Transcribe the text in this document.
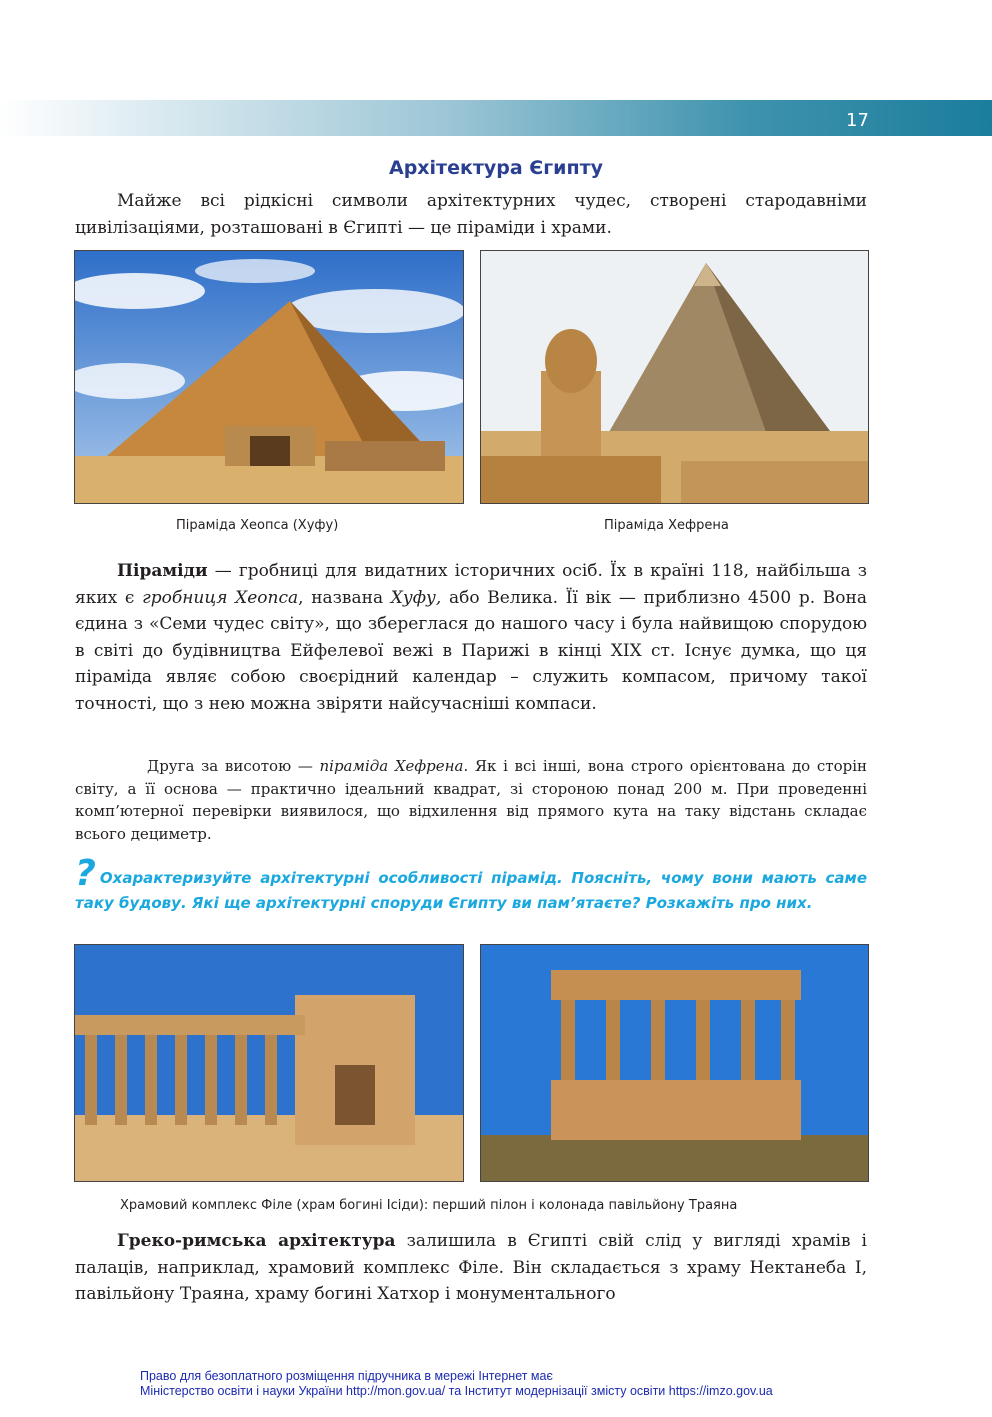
17
Архітектура Єгипту

Майже всі рідкісні символи архітектурних чудес, створені стародавніми цивілізаціями, розташовані в Єгипті — це піраміди і храми.

Піраміда Хеопса (Хуфу)	Піраміда Хефрена

Піраміди — гробниці для видатних історичних осіб. Їх в країні 118, найбільша з яких є гробниця Хеопса, названа Хуфу, або Велика. Її вік — приблизно 4500 р. Вона єдина з «Семи чудес світу», що збереглася до нашого часу і була найвищою спорудою в світі до будівництва Ейфелевої вежі в Парижі в кінці XIX ст. Існує думка, що ця піраміда являє собою своєрідний календар – служить компасом, причому такої точності, що з нею можна звіряти найсучасніші компаси.

Друга за висотою — піраміда Хефрена. Як і всі інші, вона строго орієнтована до сторін світу, а її основа — практично ідеальний квадрат, зі стороною понад 200 м. При проведенні комп’ютерної перевірки виявилося, що відхилення від прямого кута на таку відстань складає всього дециметр.

? Охарактеризуйте архітектурні особливості пірамід. Поясніть, чому вони мають саме таку будову. Які ще архітектурні споруди Єгипту ви пам’ятаєте? Розкажіть про них.

Храмовий комплекс Філе (храм богині Ісіди): перший пілон і колонада павільйону Траяна

Греко-римська архітектура залишила в Єгипті свій слід у вигляді храмів і палаців, наприклад, храмовий комплекс Філе. Він складається з храму Нектанеба I, павільйону Траяна, храму богині Хатхор і монументального

Право для безоплатного розміщення підручника в мережі Інтернет має
Міністерство освіти і науки України http://mon.gov.ua/ та Інститут модернізації змісту освіти https://imzo.gov.ua
